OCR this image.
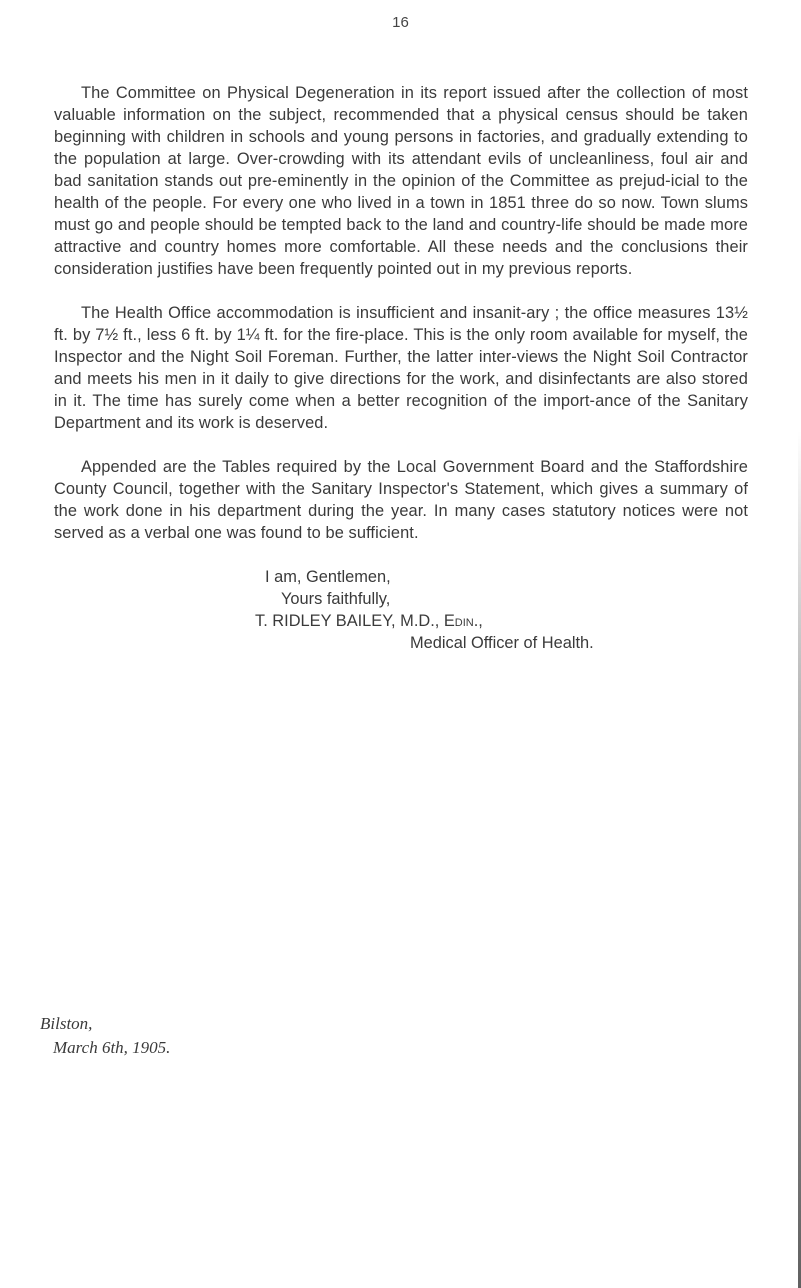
16

The Committee on Physical Degeneration in its report issued after the collection of most valuable information on the subject, recommended that a physical census should be taken beginning with children in schools and young persons in factories, and gradually extending to the population at large. Over-crowding with its attendant evils of uncleanliness, foul air and bad sanitation stands out pre-eminently in the opinion of the Committee as prejud-icial to the health of the people. For every one who lived in a town in 1851 three do so now. Town slums must go and people should be tempted back to the land and country-life should be made more attractive and country homes more comfortable. All these needs and the conclusions their consideration justifies have been frequently pointed out in my previous reports.

The Health Office accommodation is insufficient and insanit-ary ; the office measures 13½ ft. by 7½ ft., less 6 ft. by 1¼ ft. for the fire-place. This is the only room available for myself, the Inspector and the Night Soil Foreman. Further, the latter inter-views the Night Soil Contractor and meets his men in it daily to give directions for the work, and disinfectants are also stored in it. The time has surely come when a better recognition of the import-ance of the Sanitary Department and its work is deserved.

Appended are the Tables required by the Local Government Board and the Staffordshire County Council, together with the Sanitary Inspector's Statement, which gives a summary of the work done in his department during the year. In many cases statutory notices were not served as a verbal one was found to be sufficient.

I am, Gentlemen,
Yours faithfully,
T. RIDLEY BAILEY, M.D., Edin.,
Medical Officer of Health.
Bilston,
March 6th, 1905.
